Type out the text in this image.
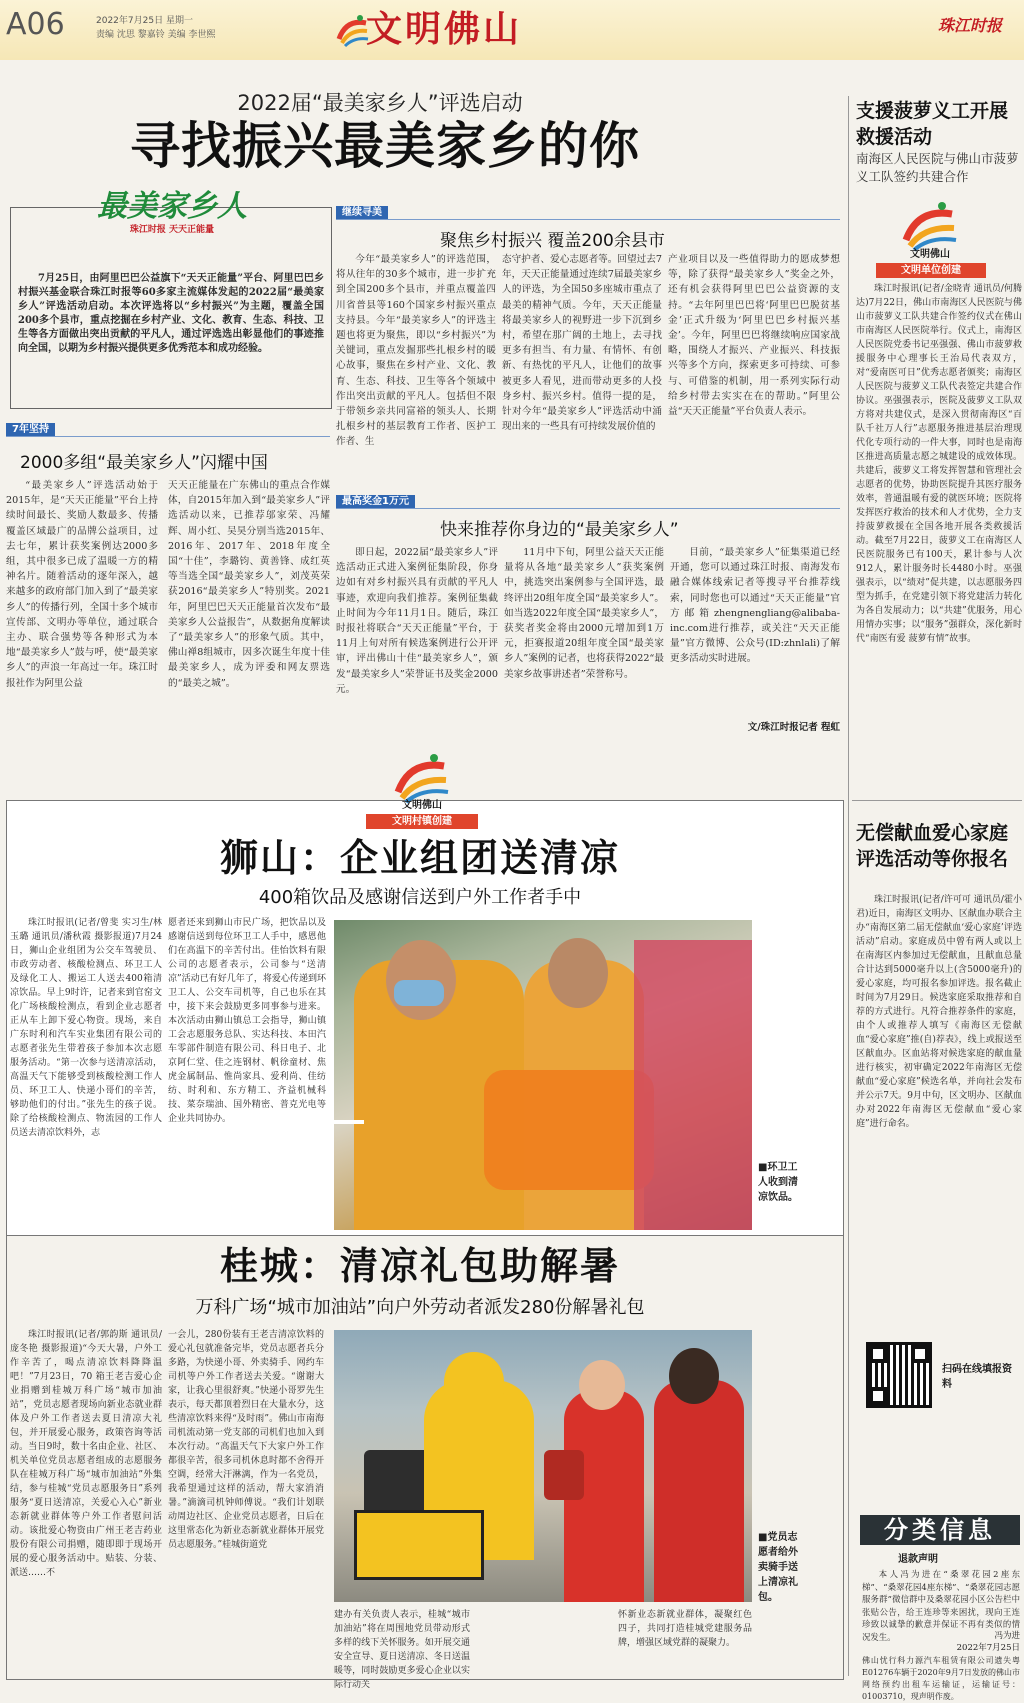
A06	2022年7月25日 星期一
责编 沈思 黎嘉铃 美编 李世熙	文明佛山	珠江时报
2022届“最美家乡人”评选启动
寻找振兴最美家乡的你
最美家乡人
珠江时报 天天正能量
7月25日，由阿里巴巴公益旗下“天天正能量”平台、阿里巴巴乡村振兴基金联合珠江时报等60多家主流媒体发起的2022届“最美家乡人”评选活动启动。本次评选将以“乡村振兴”为主题，覆盖全国200多个县市，重点挖掘在乡村产业、文化、教育、生态、科技、卫生等各方面做出突出贡献的平凡人，通过评选选出彰显他们的事迹推向全国，以期为乡村振兴提供更多优秀范本和成功经验。
7年坚持
2000多组“最美家乡人”闪耀中国
“最美家乡人”评选活动始于2015年，是“天天正能量”平台上持续时间最长、奖励人数最多、传播覆盖区域最广的品牌公益项目，过去七年，累计获奖案例达2000多组，其中很多已成了温暖一方的精神名片。随着活动的逐年深入，越来越多的政府部门加入到了“最美家乡人”的传播行列，全国十多个城市宣传部、文明办等单位，通过联合主办、联合强势等各种形式为本地“最美家乡人”鼓与呼，使“最美家乡人”的声浪一年高过一年。珠江时报社作为阿里公益
天天正能量在广东佛山的重点合作媒体，自2015年加入到“最美家乡人”评选活动以来，已推荐邬家荣、冯耀辉、周小红、吴昊分别当选2015年、2016年、2017年、2018年度全国“十佳”，李璐钧、黄善锋、成红英等当选全国“最美家乡人”，刘茂英荣获2016“最美家乡人”特别奖。2021年，阿里巴巴天天正能量首次发布“最美家乡人公益报告”，从数据角度解读了“最美家乡人”的形象气质。其中，佛山禅8组城市，因多次诞生年度十佳最美家乡人，成为评委和网友票选的“最美之城”。
继续寻美
聚焦乡村振兴 覆盖200余县市
今年“最美家乡人”的评选范围，将从往年的30多个城市，进一步扩充到全国200多个县市，并重点覆盖四川省普县等160个国家乡村振兴重点支持县。今年“最美家乡人”的评选主题也将更为聚焦，即以“乡村振兴”为关键词，重点发掘那些扎根乡村的暖心故事，聚焦在乡村产业、文化、教育、生态、科技、卫生等各个领域中作出突出贡献的平凡人。包括但不限于带领乡亲共同富裕的领头人、长期扎根乡村的基层教育工作者、医护工作者、生
态守护者、爱心志愿者等。回望过去7年，天天正能量通过连续7届最美家乡人的评选，为全国50多座城市重点了最美的精神气质。今年，天天正能量将最美家乡人的视野进一步下沉到乡村，希望在那广阔的土地上，去寻找更多有担当、有力量、有情怀、有创新、有热忱的平凡人，让他们的故事被更多人看见，进而带动更多的人投身乡村、振兴乡村。值得一提的是，针对今年“最美家乡人”评选活动中涌现出来的一些具有可持续发展价值的
产业项目以及一些值得助力的愿成梦想等，除了获得“最美家乡人”奖金之外，还有机会获得阿里巴巴公益资源的支持。“去年阿里巴巴将‘阿里巴巴脱贫基金’正式升级为‘阿里巴巴乡村振兴基金’。今年，阿里巴巴将继续响应国家战略，围绕人才振兴、产业振兴、科技振兴等多个方向，探索更多可持续、可参与、可借鉴的机制，用一系列实际行动给乡村带去实实在在的帮助。”阿里公益“天天正能量”平台负责人表示。
最高奖金1万元
快来推荐你身边的“最美家乡人”
即日起，2022届“最美家乡人”评选活动正式进入案例征集阶段，你身边如有对乡村振兴具有贡献的平凡人事迹，欢迎向我们推荐。案例征集截止时间为今年11月1日。随后，珠江时报社将联合“天天正能量”平台，于11月上旬对所有候选案例进行公开评审，评出佛山十佳“最美家乡人”，颁发“最美家乡人”荣誉证书及奖金2000元。
11月中下旬，阿里公益天天正能量将从各地“最美家乡人”获奖案例中，挑选突出案例参与全国评选，最终评出20组年度全国“最美家乡人”。如当选2022年度全国“最美家乡人”，获奖者奖金将由2000元增加到1万元，拒赛报道20组年度全国“最美家乡人”案例的记者，也将获得2022“最美家乡故事讲述者”荣誉称号。
目前，“最美家乡人”征集渠道已经开通，您可以通过珠江时报、南海发布融合媒体线索记者等搜寻平台推荐线索，同时您也可以通过“天天正能量”官方邮箱zhengnengliang@alibaba-inc.com进行推荐，或关注“天天正能量”官方微博、公众号(ID:zhnlali)了解更多活动实时进展。
文/珠江时报记者 程虹
支援菠萝义工开展救援活动
南海区人民医院与佛山市菠萝义工队签约共建合作
文明佛山
文明单位创建
珠江时报讯(记者/金晓青 通讯员/何腾达)7月22日，佛山市南海区人民医院与佛山市菠萝义工队共建合作签约仪式在佛山市南海区人民医院举行。仪式上，南海区人民医院党委书记巫强强、佛山市菠萝救援服务中心理事长王治局代表双方，对“爱南医可日”优秀志愿者颁奖；南海区人民医院与菠萝义工队代表签定共建合作协议。巫强强表示，医院及菠萝义工队双方将对共建仪式，是深入贯彻南海区“百队千社万人行”志愿服务推进基层治理现代化专项行动的一件大事，同时也是南海区推进高质量志愿之城建设的成效体现。共建后，菠萝义工将发挥智慧和管理社会志愿者的优势，协助医院提升其医疗服务效率，普通温暖有爱的就医环境；医院将发挥医疗救治的技术和人才优势，全力支持菠萝救援在全国各地开展各类救援活动。截至7月22日，菠萝义工在南海区人民医院服务已有100天，累计参与人次912人，累计服务时长4480小时。巫强强表示，以“绩对”促共建，以志愿服务四型为抓手，在党建引领下将党建活力转化为各自发展动力；以“共建”优服务，用心用情办实事；以“服务”强群众，深化新时代“南医有爱 菠萝有情”故事。
无偿献血爱心家庭评选活动等你报名
珠江时报讯(记者/许可可 通讯员/霍小君)近日，南海区文明办、区献血办联合主办“南海区第二届无偿献血‘爱心家庭’评选活动”启动。家庭成员中曾有两人或以上在南海区内参加过无偿献血，且献血总量合计达到5000毫升以上(含5000毫升)的爱心家庭，均可报名参加评选。报名截止时间为7月29日。候选家庭采取推荐和自荐的方式进行。凡符合推荐条件的家庭，由个人或推荐人填写《南海区无偿献血“爱心家庭”推(自)荐表》，线上或报送至区献血办。区血站将对候选家庭的献血量进行核实，初审确定2022年南海区无偿献血“爱心家庭”候选名单，并向社会发布并公示7天。9月中旬，区文明办、区献血办对2022年南海区无偿献血“爱心家庭”进行命名。
扫码在线填报资料
分类信息
退款声明
本人冯为进在“桑翠花园2座东梯”、“桑翠花园4座东梯”、“桑翠花园志愿服务群”微信群中及桑翠花园小区公告栏中张贴公告，给王连珍等来困扰，现向王连珍致以诚挚的歉意并保证不再有类似的情况发生。	冯为进
2022年7月25日
佛山忧行科力源汽车租赁有限公司遗失粤E01276车辆于2020年9月7日发放的佛山市网络预约出租车运输证，运输证号：01003710，现声明作废。
文明佛山
文明村镇创建
狮山：企业组团送清凉
400箱饮品及感谢信送到户外工作者手中
珠江时报讯(记者/曾斐 实习生/林玉璐 通讯员/潘秋霞 摄影报道)7月24日，狮山企业组团为公交车驾驶员、市政劳动者、核酸检测点、环卫工人及绿化工人、搬运工人送去400箱清凉饮品。早上9时许，记者来到官窑文化广场核酸检测点，看到企业志愿者正从车上卸下爱心物资。现场，来自广东时利和汽车实业集团有限公司的志愿者张先生带着孩子参加本次志愿服务活动。“第一次参与送清凉活动，高温天气下能够受到核酸检测工作人员、环卫工人、快递小哥们的辛苦，够助他们的付出。”张先生的孩子说。除了给核酸检测点、物流园的工作人员送去清凉饮料外，志
愿者还来到狮山市民广场，把饮品以及感谢信送到每位环卫工人手中，感恩他们在高温下的辛苦付出。佳怡饮料有限公司的志愿者表示，公司参与“送清凉”活动已有好几年了，将爱心传递到环卫工人、公交车司机等，自己也乐在其中，接下来会鼓励更多同事参与进来。本次活动由狮山镇总工会指导，狮山镇工会志愿服务总队、实达科技、本田汽车零部件制造有限公司、科日电子、北京阿仁堂、佳之连钢材、帆徐童材、焦虎金属制品、惟尚家具、爱利尚、佳纺纺、时利和、东方精工、齐益机械科技、菜奈瑞油、国外精密、普克光电等企业共同协办。
■环卫工人收到清凉饮品。
桂城：清凉礼包助解暑
万科广场“城市加油站”向户外劳动者派发280份解暑礼包
珠江时报讯(记者/郭韵斯 通讯员/庞冬艳 摄影报道)“今天大暑，户外工作辛苦了，喝点清凉饮料降降温吧！”7月23日，70 箱王老吉爱心企业捐赠到桂城万科广场“城市加油站”，党员志愿者现场向新业态就业群体及户外工作者送去夏日清凉大礼包，并开展爱心服务，政策咨询等活动。当日9时，数十名由企业、社区、机关单位党员志愿者组成的志愿服务队在桂城万科广场“城市加油站”外集结，参与桂城“党员志愿服务日”系列服务“夏日送清凉，关爱心入心”新业态新就业群体等户外工作者慰问活动。该批爱心物资由广州王老吉药业股份有限公司捐赠，随即即于现场开展的爱心服务活动中。贴装、分装、派送……不
一会儿，280份装有王老吉清凉饮料的爱心礼包就准备完毕，党员志愿者兵分多路，为快递小哥、外卖骑手、网约车司机等户外工作者送去关爱。“谢谢大家，让我心里很舒爽。”快递小哥罗先生表示，每天都顶着烈日在大量水分，这些清凉饮料来得“及时雨”。佛山市南海司机流动第一党支部的司机们也加入到本次行动。“高温天气下大家户外工作都很辛苦，很多司机休息时都不舍得开空调，经常大汗淋漓，作为一名党员，我希望通过这样的活动，帮大家消消暑。”滴滴司机钟师傅说。“我们计划联动周边社区、企业党员志愿者，日后在这里常态化为新业态新就业群体开展党员志愿服务。”桂城街道党
■党员志愿者给外卖骑手送上清凉礼包。
建办有关负责人表示，桂城“城市加油站”将在周围地党员带动形式多样的线下关怀服务。如开展交通安全宣导、夏日送清凉、冬日送温暖等，同时鼓励更多爱心企业以实际行动关
怀新业态新就业群体，凝聚红色四子，共同打造桂城党建服务品牌，增强区域党群的凝聚力。
